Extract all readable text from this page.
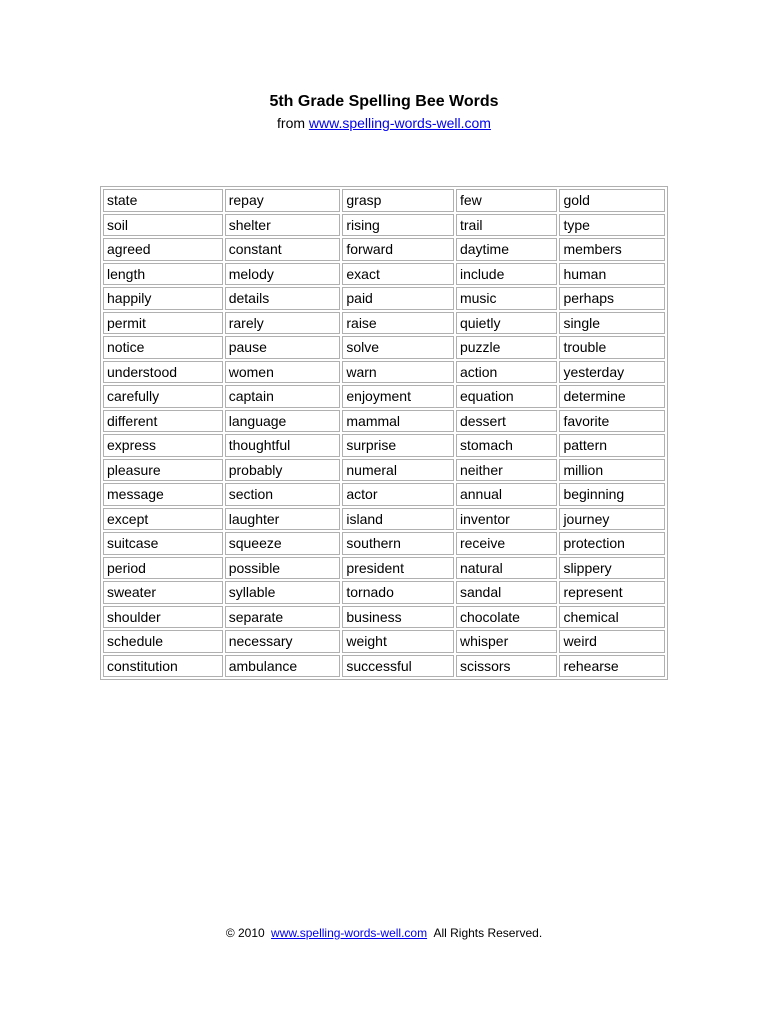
5th Grade Spelling Bee Words
from www.spelling-words-well.com
state	repay	grasp	few	gold
soil	shelter	rising	trail	type
agreed	constant	forward	daytime	members
length	melody	exact	include	human
happily	details	paid	music	perhaps
permit	rarely	raise	quietly	single
notice	pause	solve	puzzle	trouble
understood	women	warn	action	yesterday
carefully	captain	enjoyment	equation	determine
different	language	mammal	dessert	favorite
express	thoughtful	surprise	stomach	pattern
pleasure	probably	numeral	neither	million
message	section	actor	annual	beginning
except	laughter	island	inventor	journey
suitcase	squeeze	southern	receive	protection
period	possible	president	natural	slippery
sweater	syllable	tornado	sandal	represent
shoulder	separate	business	chocolate	chemical
schedule	necessary	weight	whisper	weird
constitution	ambulance	successful	scissors	rehearse
© 2010 www.spelling-words-well.com All Rights Reserved.
